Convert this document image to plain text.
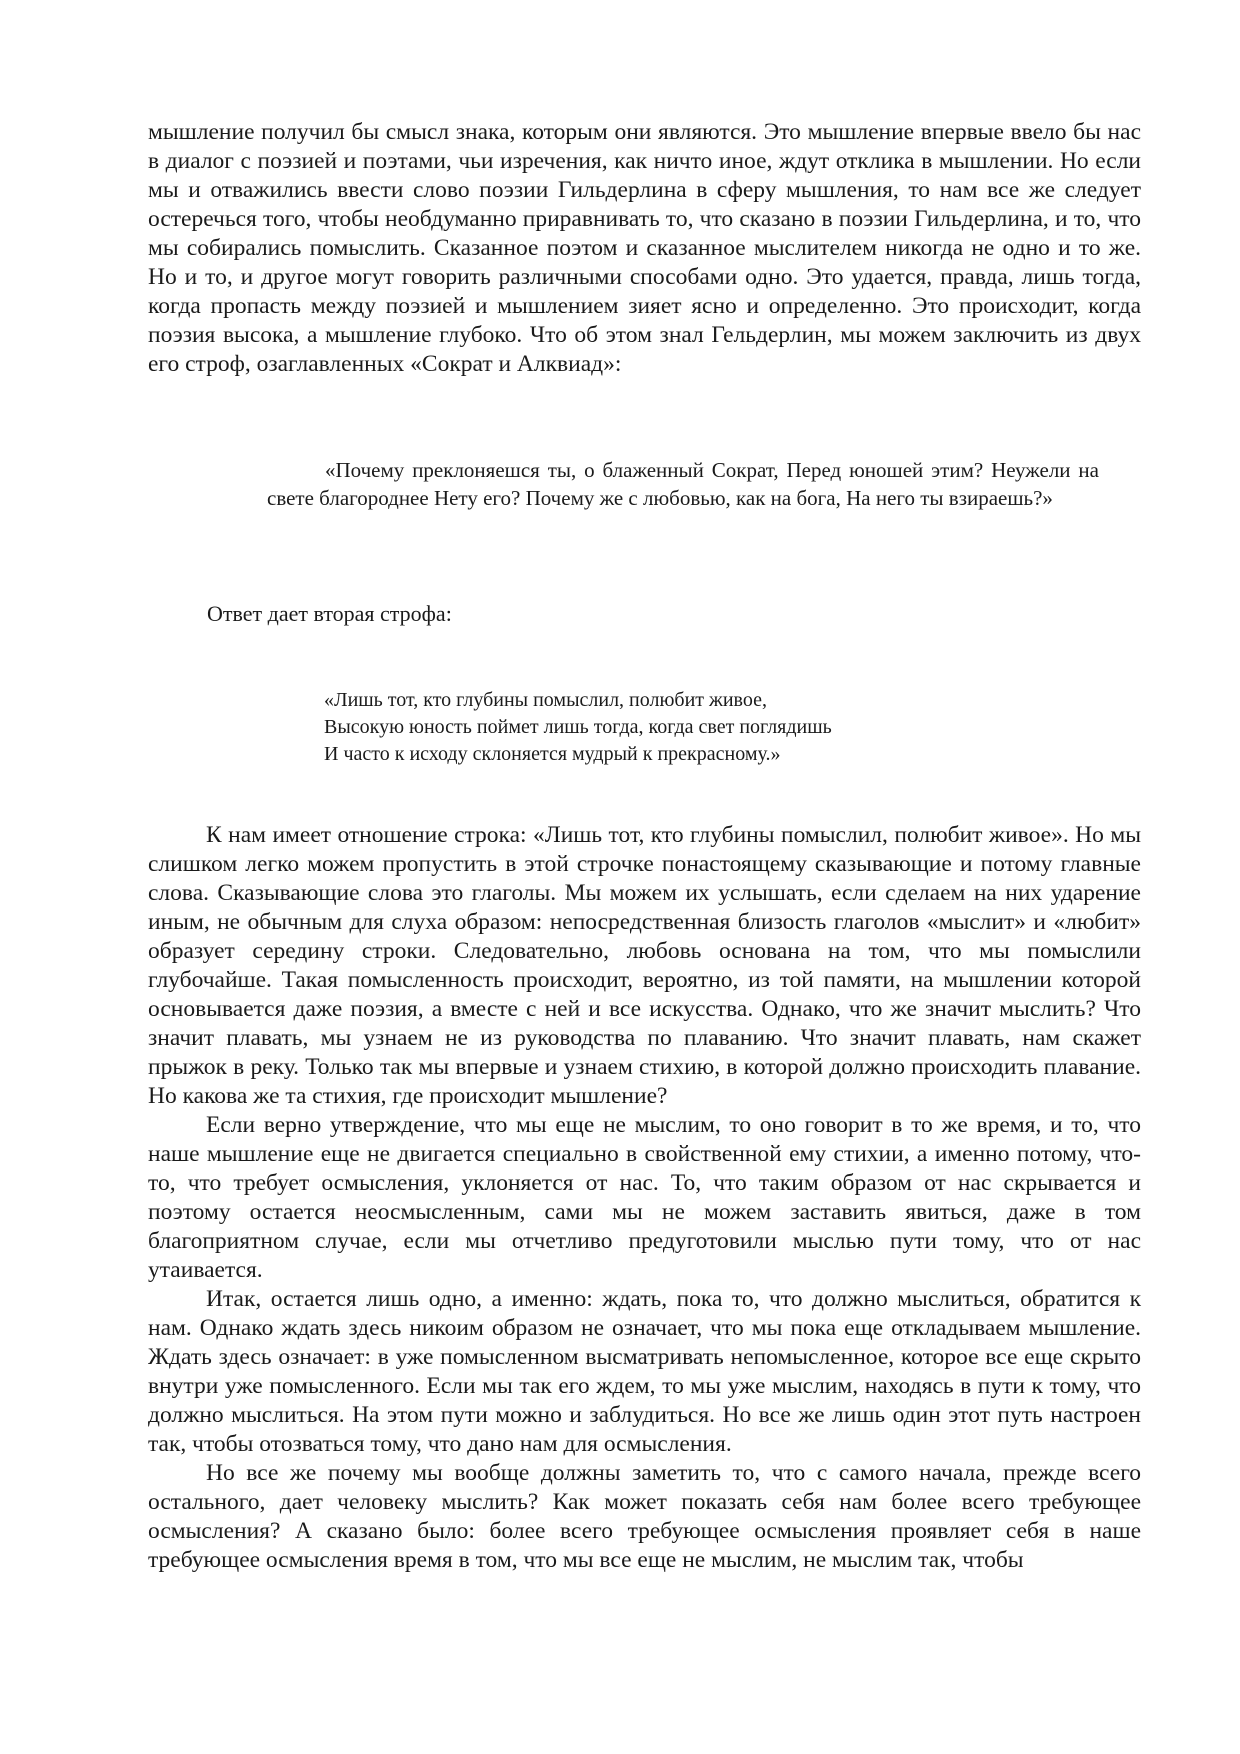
мышление получил бы смысл знака, которым они являются. Это мышление впервые ввело бы нас в диалог с поэзией и поэтами, чьи изречения, как ничто иное, ждут отклика в мышлении. Но если мы и отважились ввести слово поэзии Гильдерлина в сферу мышления, то нам все же следует остеречься того, чтобы необдуманно приравнивать то, что сказано в поэзии Гильдерлина, и то, что мы собирались помыслить. Сказанное поэтом и сказанное мыслителем никогда не одно и то же. Но и то, и другое могут говорить различными способами одно. Это удается, правда, лишь тогда, когда пропасть между поэзией и мышлением зияет ясно и определенно. Это происходит, когда поэзия высока, а мышление глубоко. Что об этом знал Гельдерлин, мы можем заключить из двух его строф, озаглавленных «Сократ и Алквиад»:

«Почему преклоняешся ты, о блаженный Сократ, Перед юношей этим? Неужели на свете благороднее Нету его? Почему же с любовью, как на бога, На него ты взираешь?»

Ответ дает вторая строфа:

«Лишь тот, кто глубины помыслил, полюбит живое,
Высокую юность поймет лишь тогда, когда свет поглядишь
И часто к исходу склоняется мудрый к прекрасному.»

К нам имеет отношение строка: «Лишь тот, кто глубины помыслил, полюбит живое». Но мы слишком легко можем пропустить в этой строчке понастоящему сказывающие и потому главные слова. Сказывающие слова это глаголы. Мы можем их услышать, если сделаем на них ударение иным, не обычным для слуха образом: непосредственная близость глаголов «мыслит» и «любит» образует середину строки. Следовательно, любовь основана на том, что мы помыслили глубочайше. Такая помысленность происходит, вероятно, из той памяти, на мышлении которой основывается даже поэзия, а вместе с ней и все искусства. Однако, что же значит мыслить? Что значит плавать, мы узнаем не из руководства по плаванию. Что значит плавать, нам скажет прыжок в реку. Только так мы впервые и узнаем стихию, в которой должно происходить плавание. Но какова же та стихия, где происходит мышление?

Если верно утверждение, что мы еще не мыслим, то оно говорит в то же время, и то, что наше мышление еще не двигается специально в свойственной ему стихии, а именно потому, что-то, что требует осмысления, уклоняется от нас. То, что таким образом от нас скрывается и поэтому остается неосмысленным, сами мы не можем заставить явиться, даже в том благоприятном случае, если мы отчетливо предуготовили мыслью пути тому, что от нас утаивается.

Итак, остается лишь одно, а именно: ждать, пока то, что должно мыслиться, обратится к нам. Однако ждать здесь никоим образом не означает, что мы пока еще откладываем мышление. Ждать здесь означает: в уже помысленном высматривать непомысленное, которое все еще скрыто внутри уже помысленного. Если мы так его ждем, то мы уже мыслим, находясь в пути к тому, что должно мыслиться. На этом пути можно и заблудиться. Но все же лишь один этот путь настроен так, чтобы отозваться тому, что дано нам для осмысления.

Но все же почему мы вообще должны заметить то, что с самого начала, прежде всего остального, дает человеку мыслить? Как может показать себя нам более всего требующее осмысления? А сказано было: более всего требующее осмысления проявляет себя в наше требующее осмысления время в том, что мы все еще не мыслим, не мыслим так, чтобы
